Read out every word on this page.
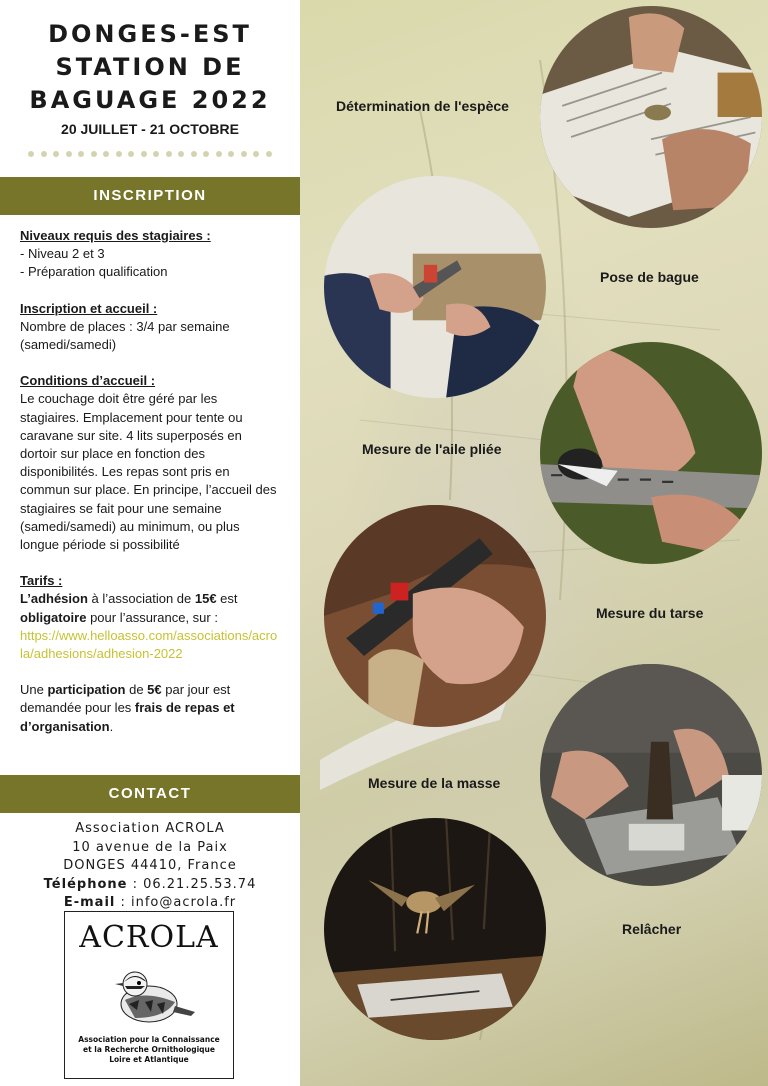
DONGES-EST
STATION DE
BAGUAGE 2022
20 JUILLET - 21 OCTOBRE
INSCRIPTION
Niveaux requis des stagiaires :
- Niveau 2 et 3
- Préparation qualification
Inscription et accueil :
Nombre de places : 3/4 par semaine (samedi/samedi)
Conditions d’accueil :
Le couchage doit être géré par les stagiaires. Emplacement pour tente ou caravane sur site. 4 lits superposés en dortoir sur place en fonction des disponibilités. Les repas sont pris en commun sur place. En principe, l’accueil des stagiaires se fait pour une semaine (samedi/samedi) au minimum, ou plus longue période si possibilité
Tarifs :
L’adhésion à l’association de 15€ est obligatoire pour l’assurance, sur :
https://www.helloasso.com/associations/acrola/adhesions/adhesion-2022
Une participation de 5€ par jour est demandée pour les frais de repas et d’organisation.
CONTACT
Association ACROLA
10 avenue de la Paix
DONGES 44410, France
Téléphone : 06.21.25.53.74
E-mail : info@acrola.fr
ACROLA
Association pour la Connaissance
et la Recherche Ornithologique
Loire et Atlantique
Détermination de l'espèce
Pose de bague
Mesure de l'aile pliée
Mesure du tarse
Mesure de la masse
Relâcher
